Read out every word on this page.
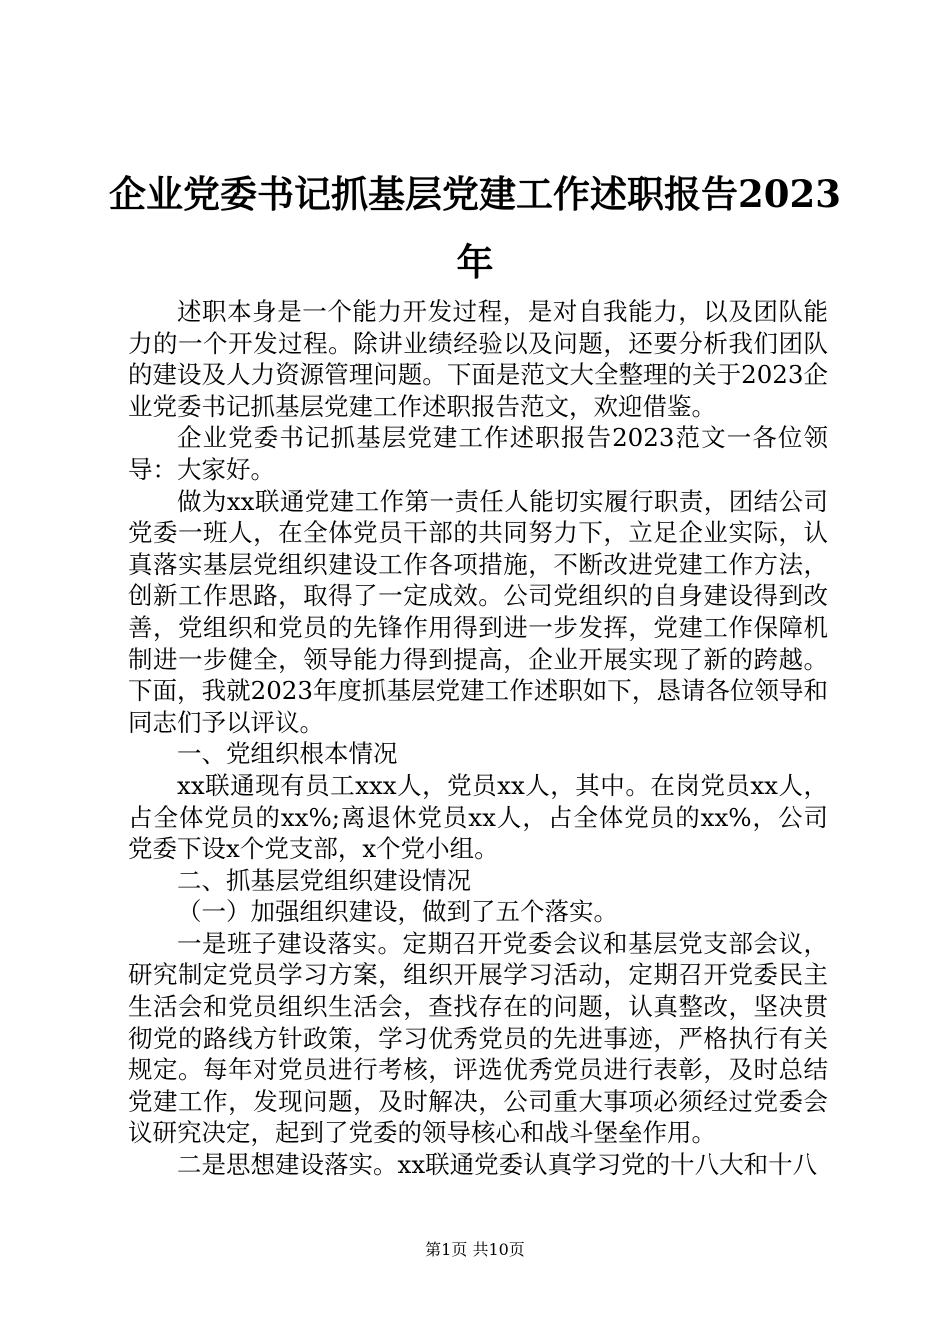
企业党委书记抓基层党建工作述职报告2023年

述职本身是一个能力开发过程，是对自我能力，以及团队能力的一个开发过程。除讲业绩经验以及问题，还要分析我们团队的建设及人力资源管理问题。下面是范文大全整理的关于2023企业党委书记抓基层党建工作述职报告范文，欢迎借鉴。

企业党委书记抓基层党建工作述职报告2023范文一各位领导：大家好。

做为xx联通党建工作第一责任人能切实履行职责，团结公司党委一班人，在全体党员干部的共同努力下，立足企业实际，认真落实基层党组织建设工作各项措施，不断改进党建工作方法，创新工作思路，取得了一定成效。公司党组织的自身建设得到改善，党组织和党员的先锋作用得到进一步发挥，党建工作保障机制进一步健全，领导能力得到提高，企业开展实现了新的跨越。下面，我就2023年度抓基层党建工作述职如下，恳请各位领导和同志们予以评议。

一、党组织根本情况

xx联通现有员工xxx人，党员xx人，其中。在岗党员xx人，占全体党员的xx%;离退休党员xx人，占全体党员的xx%，公司党委下设x个党支部，x个党小组。

二、抓基层党组织建设情况

（一）加强组织建设，做到了五个落实。

一是班子建设落实。定期召开党委会议和基层党支部会议，研究制定党员学习方案，组织开展学习活动，定期召开党委民主生活会和党员组织生活会，查找存在的问题，认真整改，坚决贯彻党的路线方针政策，学习优秀党员的先进事迹，严格执行有关规定。每年对党员进行考核，评选优秀党员进行表彰，及时总结党建工作，发现问题，及时解决，公司重大事项必须经过党委会议研究决定，起到了党委的领导核心和战斗堡垒作用。

二是思想建设落实。xx联通党委认真学习党的十八大和十八

第1页 共10页
